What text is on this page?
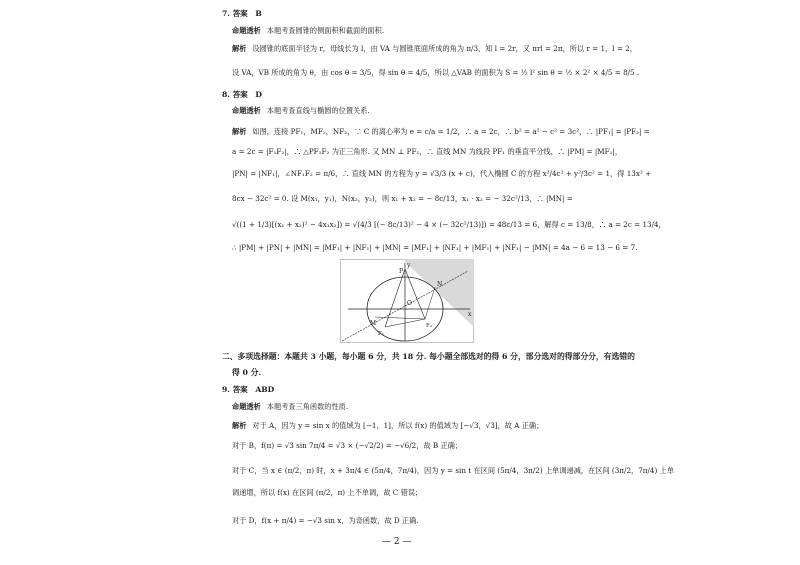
7. 答案　B
命题透析 本题考查圆锥的侧面积和截面的面积.
解析 设圆锥的底面半径为 r，母线长为 l，由 VA 与圆锥底面所成的角为 π/3，知 l = 2r，又 πrl = 2π，所以 r = 1，l = 2，
设 VA，VB 所成的角为 θ，由 cos θ = 3/5，得 sin θ = 4/5，所以 △VAB 的面积为 S = ½ l² sin θ = ½ × 2² × 4/5 = 8/5 .
8. 答案　D
命题透析 本题考查直线与椭圆的位置关系.
解析 如图，连接 PF₁，MF₂，NF₂，∵ C 的离心率为 e = c/a = 1/2，∴ a = 2c，∴ b² = a² − c² = 3c²，∴ |PF₁| = |PF₂| =
a = 2c = |F₁F₂|，∴ △PF₁F₂ 为正三角形. 又 MN ⊥ PF₁，∴ 直线 MN 为线段 PF₁ 的垂直平分线，∴ |PM| = |MF₁|，
|PN| = |NF₁|，∠NF₁F₂ = π/6，∴ 直线 MN 的方程为 y = √3/3 (x + c)，代入椭圆 C 的方程 x²/4c² + y²/3c² = 1，得 13x² +
8cx − 32c² = 0. 设 M(x₁，y₁)，N(x₂，y₂)，则 x₁ + x₂ = − 8c/13，x₁ · x₂ = − 32c²/13，∴ |MN| =
√((1 + 1/3)[(x₁ + x₂)² − 4x₁x₂]) = √(4/3 [(− 8c/13)² − 4 × (− 32c²/13)]) = 48c/13 = 6，解得 c = 13/8，∴ a = 2c = 13/4，
∴ |PM| + |PN| + |MN| = |MF₁| + |NF₁| + |MN| = |MF₁| + |NF₁| + |MF₁| + |NF₁| − |MN| = 4a − 6 = 13 − 6 = 7.
y
x
P
N
M
O
F₁
F₂
二、多项选择题：本题共 3 小题，每小题 6 分，共 18 分. 每小题全部选对的得 6 分，部分选对的得部分分，有选错的
得 0 分.
9. 答案　ABD
命题透析 本题考查三角函数的性质.
解析 对于 A，因为 y = sin x 的值域为 [−1，1]，所以 f(x) 的值域为 [−√3，√3]，故 A 正确；
对于 B，f(π) = √3 sin 7π/4 = √3 × (−√2/2) = −√6/2，故 B 正确；
对于 C，当 x ∈ (π/2，π) 时，x + 3π/4 ∈ (5π/4，7π/4)，因为 y = sin t 在区间 (5π/4，3π/2) 上单调递减，在区间 (3π/2，7π/4) 上单
调递增，所以 f(x) 在区间 (π/2，π) 上不单调，故 C 错误；
对于 D，f(x + π/4) = −√3 sin x，为奇函数，故 D 正确.
— 2 —
